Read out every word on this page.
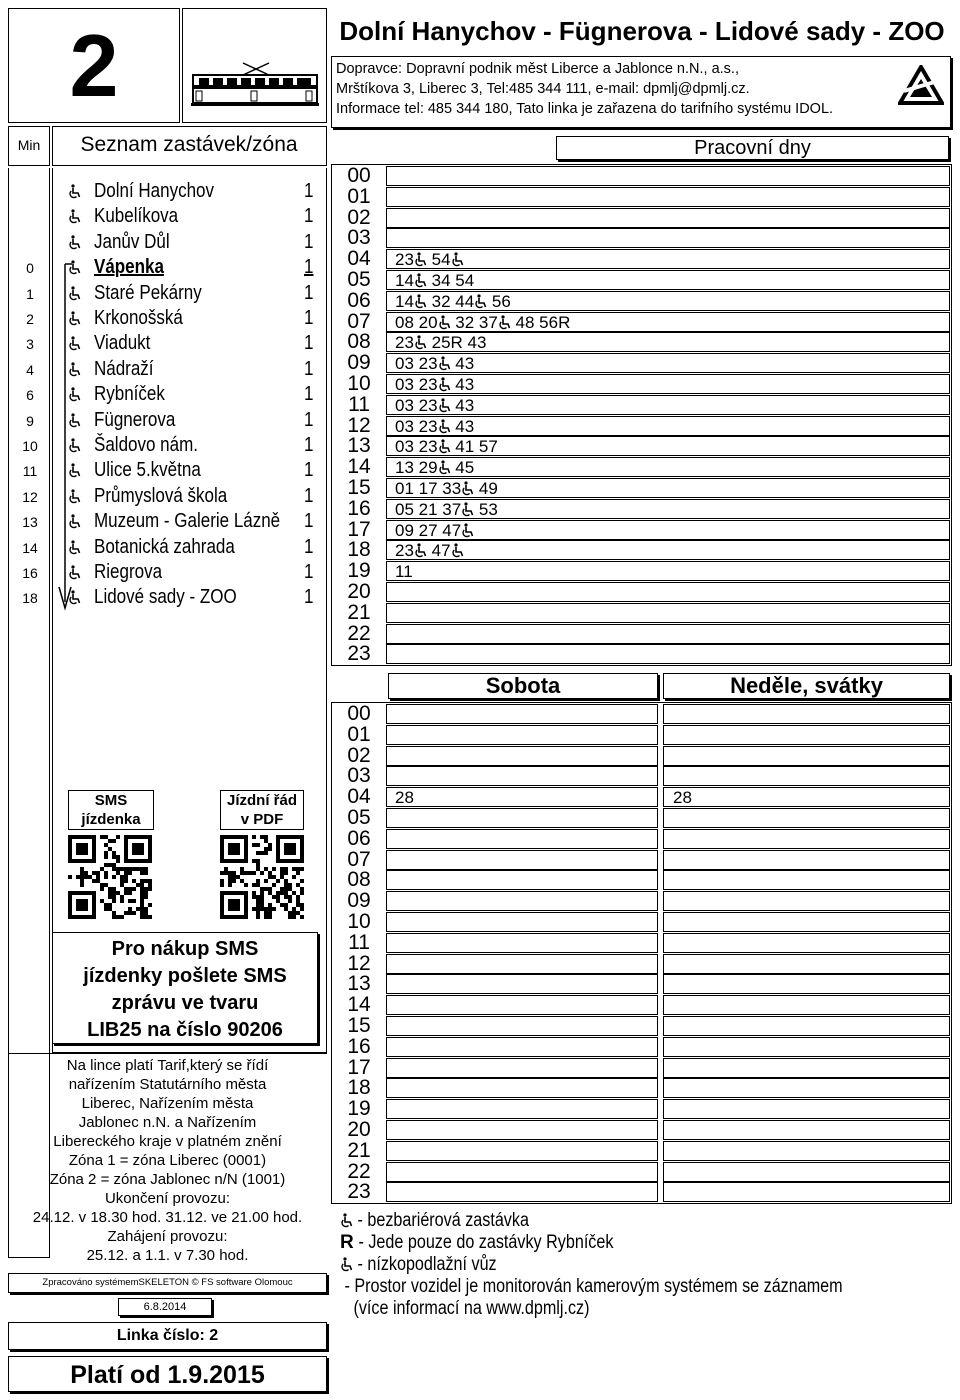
2	Dolní Hanychov - Fügnerova - Lidové sady - ZOO
Dopravce: Dopravní podnik měst Liberce a Jablonce n.N., a.s.,
Mrštíkova 3, Liberec 3, Tel:485 344 111, e-mail: dpmlj@dpmlj.cz.
Informace tel: 485 344 180, Tato linka je zařazena do tarifního systému IDOL.
Min	Seznam zastávek/zóna
Dolní Hanychov	1
Kubelíkova	1
Janův Důl	1
0	Vápenka	1
1	Staré Pekárny	1
2	Krkonošská	1
3	Viadukt	1
4	Nádraží	1
6	Rybníček	1
9	Fügnerova	1
10	Šaldovo nám.	1
11	Ulice 5.května	1
12	Průmyslová škola	1
13	Muzeum - Galerie Lázně	1
14	Botanická zahrada	1
16	Riegrova	1
18	Lidové sady - ZOO	1
SMS
jízdenka
Jízdní řád
v PDF
Pro nákup SMS
jízdenky pošlete SMS
zprávu ve tvaru
LIB25 na číslo 90206
Na lince platí Tarif,který se řídí
nařízením Statutárního města
Liberec, Nařízením města
Jablonec n.N. a Nařízením
Libereckého kraje v platném znění
Zóna 1 = zóna Liberec (0001)
Zóna 2 = zóna Jablonec n/N (1001)
Ukončení provozu:
24.12. v 18.30 hod. 31.12. ve 21.00 hod.
Zahájení provozu:
25.12. a 1.1. v 7.30 hod.
Zpracováno systémemSKELETON © FS software Olomouc
6.8.2014
Linka číslo: 2
Platí od 1.9.2015
Pracovní dny
00
01
02
03
04	23 54
05	14 34 54
06	14 32 44 56
07	08 20 32 37 48 56R
08	23 25R 43
09	03 23 43
10	03 23 43
11	03 23 43
12	03 23 43
13	03 23 41 57
14	13 29 45
15	01 17 33 49
16	05 21 37 53
17	09 27 47
18	23 47
19	11
20
21
22
23
Sobota	Neděle, svátky
00
01
02
03
04	28	28
05
06
07
08
09
10
11
12
13
14
15
16
17
18
19
20
21
22
23
- bezbariérová zastávka
R - Jede pouze do zastávky Rybníček
- nízkopodlažní vůz
- Prostor vozidel je monitorován kamerovým systémem se záznamem
(více informací na www.dpmlj.cz)
